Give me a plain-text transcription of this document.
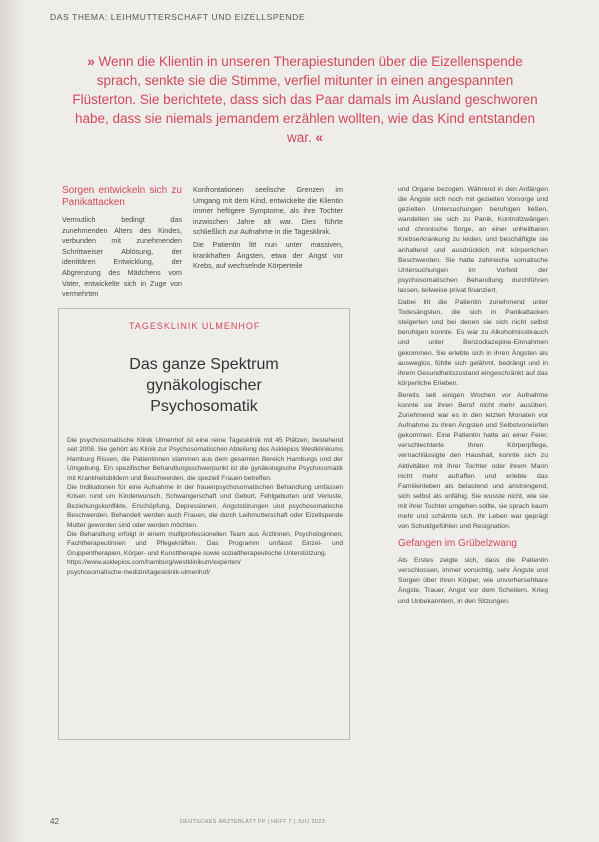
DAS THEMA: LEIHMUTTERSCHAFT UND EIZELLSPENDE
» Wenn die Klientin in unseren Therapiestunden über die Eizellenspende sprach, senkte sie die Stimme, verfiel mitunter in einen angespannten Flüsterton. Sie berichtete, dass sich das Paar damals im Ausland geschworen habe, dass sie niemals jemandem erzählen wollten, wie das Kind entstanden war. «
Sorgen entwickeln sich zu Panikattacken

Vermutlich bedingt das zunehmenden Alters des Kindes, verbunden mit zunehmenden Schrittweiser Ablösung, der identitären Entwicklung, der Abgrenzung des Mädchens vom Vater, entwickelte sich in Zuge von vermehrten

Konfrontationen seelische Grenzen im Umgang mit dem Kind, entwickelte die Klientin immer heftigere Symptome, als ihre Tochter inzwischen Jahre alt war. Dies führte schließlich zur Aufnahme in die Tagesklinik.

Die Patientin litt nun unter massiven, krankhaften Ängsten, etwa der Angst vor Krebs, auf wechselnde Körperteile

und Organe bezogen. Während in den Anfängen die Ängste sich noch mit gezielten Vorsorge und gezielten Untersuchungen beruhigen ließen, wandelten sie sich zu Panik, Kontrollzwängen und chronische Sorge, an einer unheilbaren Krebserkrankung zu leiden, und beschäftigte sie anhaltend und ausdrücklich mit körperlichen Beschwerden. Sie hatte zahlreiche somatische Untersuchungen im Vorfeld der psychosomatischen Behandlung durchführen lassen, teilweise privat finanziert.

Dabei litt die Patientin zunehmend unter Todesängsten, die sich in Panikattacken steigerten und bei denen sie sich nicht selbst beruhigen konnte. Es war zu Alkoholmissbrauch und unter Benzodiazepine-Einnahmen gekommen. Sie erlebte sich in ihren Ängsten als ausweglos, fühlte sich gelähmt, bedrängt und in ihrem Gesundheitszustand eingeschränkt auf das körperliche Erleben.

Bereits seit einigen Wochen vor Aufnahme konnte sie ihren Beruf nicht mehr ausüben. Zunehmend war es in den letzten Monaten vor Aufnahme zu ihren Ängsten und Selbstvorwürfen gekommen. Eine Patientin hatte an einer Feier, verschlechterte Ihren Körperpflege, vernachlässigte den Haushalt, konnte sich zu Aktivitäten mit ihrer Tochter oder ihrem Mann nicht mehr aufraffen und erlebte das Familienleben als belastend und anstrengend, sich selbst als unfähig. Sie wusste nicht, wie sie mit ihrer Tochter umgehen sollte, sie sprach kaum mehr und schämte sich. Ihr Leben war geprägt von Schuldgefühlen und Resignation.

Gefangen im Grübelzwang

Als Erstes zeigte sich, dass die Patientin verschlossen, immer vorsichtig, sehr Ängste und Sorgen über ihren Körper, wie unvorhersehbare Ängste, Trauer, Angst vor dem Scheitern, Krieg und Unbekanntem, in den Sitzungen.

TAGESKLINIK ULMENHOF
Das ganze Spektrum
gynäkologischer
Psychosomatik

Die psychosomatische Klinik Ulmenhof ist eine reine Tagesklinik mit 45 Plätzen, bestehend seit 2008. Sie gehört als Klinik zur Psychosomatischen Abteilung des Asklepios Westklinikums Hamburg Rissen, die Patientinnen stammen aus dem gesamten Bereich Hamburgs und der Umgebung. Ein spezifischer Behandlungsschwerpunkt ist die gynäkologische Psychosomatik mit Krankheitsbildern und Beschwerden, die speziell Frauen betreffen.

Die Indikationen für eine Aufnahme in der frauenpsychosomatischen Behandlung umfassen Krisen rund um Kinderwunsch, Schwangerschaft und Geburt, Fehlgeburten und Verluste, Beziehungskonflikte, Erschöpfung, Depressionen, Angststörungen und psychosomatische Beschwerden. Behandelt werden auch Frauen, die durch Leihmutterschaft oder Eizellspende Mutter geworden sind oder werden möchten.

Die Behandlung erfolgt in einem multiprofessionellen Team aus Ärztinnen, Psychologinnen, Fachtherapeutinnen und Pflegekräften. Das Programm umfasst Einzel- und Gruppentherapien, Körper- und Kunsttherapie sowie sozialtherapeutische Unterstützung.

https://www.asklepios.com/hamburg/westklinikum/experten/

psychosomatische-medizin/tagesklinik-ulmenhof/

42	DEUTSCHES ÄRZTEBLATT PP | HEFT 7 | JULI 2023
